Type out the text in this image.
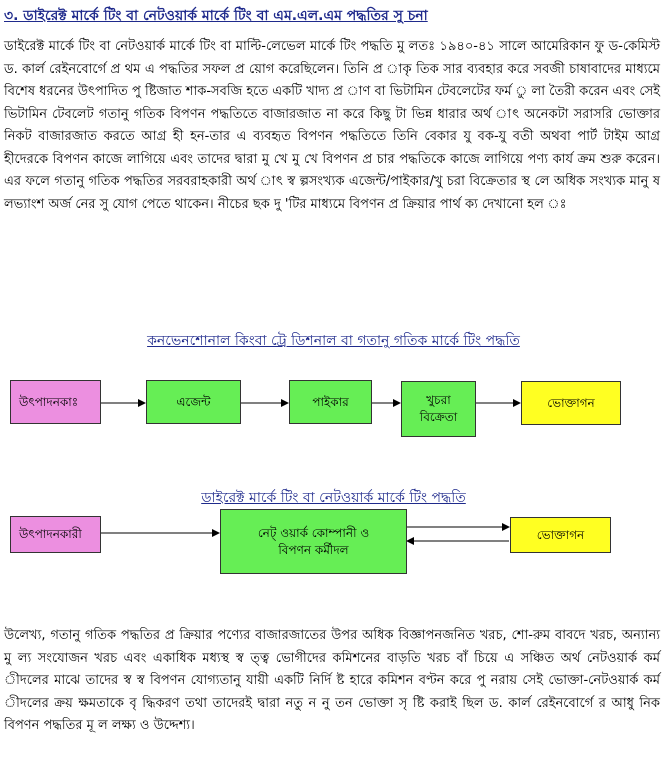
৩. ডাইরেক্ট মার্কে টিং বা নেটওয়ার্ক মার্কে টিং বা এম.এল.এম পদ্ধতির সু চনা

ডাইরেক্ট মার্কে টিং বা নেটওয়ার্ক মার্কে টিং বা মাল্টি-লেভেল মার্কে টিং পদ্ধতি মু লতঃ ১৯৪০-৪১ সালে আমেরিকান ফু ড-কেমিস্ট ড. কার্ল রেইনবোর্গে প্র থম এ পদ্ধতির সফল প্র য়োগ করেছিলেন। তিনি প্র াকৃ তিক সার ব্যবহার করে সবজী চাষাবাদের মাধ্যমে বিশেষ ধরনের উৎপাদিত পু ষ্টিজাত শাক-সবজি হতে একটি খাদ্য প্র াণ বা ভিটামিন টেবলেটের ফর্ম ু লা তৈরী করেন এবং সেই ভিটামিন টেবলেট গতানু গতিক বিপণন পদ্ধতিতে বাজারজাত না করে কিছু টা ভিন্ন ধারার অর্থ াৎ অনেকটা সরাসরি ভোক্তার নিকট বাজারজাত করতে আগ্র হী হন-তার এ ব্যবহৃত বিপণন পদ্ধতিতে তিনি বেকার যু বক-যু বতী অথবা পার্ট টাইম আগ্র হীদেরকে বিপণন কাজে লাগিয়ে এবং তাদের দ্বারা মু খে মু খে বিপণন প্র চার পদ্ধতিকে কাজে লাগিয়ে পণ্য কার্য ক্রম শুরু করেন। এর ফলে গতানু গতিক পদ্ধতির সরবরাহকারী অর্থ াৎ স্ব ল্পসংখ্যক এজেন্ট/পাইকার/খু চরা বিক্রেতার স্থ লে অধিক সংখ্যক মানু ষ লভ্যাংশ অর্জ নের সু যোগ পেতে থাকেন। নীচের ছক দু 'টির মাধ্যমে বিপণন প্র ক্রিয়ার পার্থ ক্য দেখানো হল ঃ

কনভেনশোনাল কিংবা ট্রে ডিশনাল বা গতানু গতিক মার্কে টিং পদ্ধতি
উৎপাদনকাঃ	এজেন্ট	পাইকার	খুচরা বিক্রেতা
ভোক্তাগন
ডাইরেক্ট মার্কে টিং বা নেটওয়ার্ক মার্কে টিং পদ্ধতি
উৎপাদনকারী	নেট্ ওয়ার্ক কোম্পানী ও
বিপণন কর্মীদল
ভোক্তাগন

উলেখ্য, গতানু গতিক পদ্ধতির প্র ক্রিয়ার পণ্যের বাজারজাতের উপর অধিক বিজ্ঞাপনজনিত খরচ, শো-রুম বাবদে খরচ, অন্যান্য মু ল্য সংযোজন খরচ এবং একাধিক মধ্যস্থ স্ব ত্ত্ব ভোগীদের কমিশনের বাড়তি খরচ বাঁ চিয়ে এ সঞ্চিত অর্থ নেটওয়ার্ক কর্ম ীদলের মাঝে তাদের স্ব স্ব বিপণন যোগ্যতানু যায়ী একটি নির্দি ষ্ট হারে কমিশন বণ্টন করে পু নরায় সেই ভোক্তা-নেটওয়ার্ক কর্ম ীদলের ক্রয় ক্ষমতাকে বৃ দ্ধিকরণ তথা তাদেরই দ্বারা নতু ন নু তন ভোক্তা সৃ ষ্টি করাই ছিল ড. কার্ল রেইনবোর্গে র আধু নিক বিপণন পদ্ধতির মূ ল লক্ষ্য ও উদ্দেশ্য।
